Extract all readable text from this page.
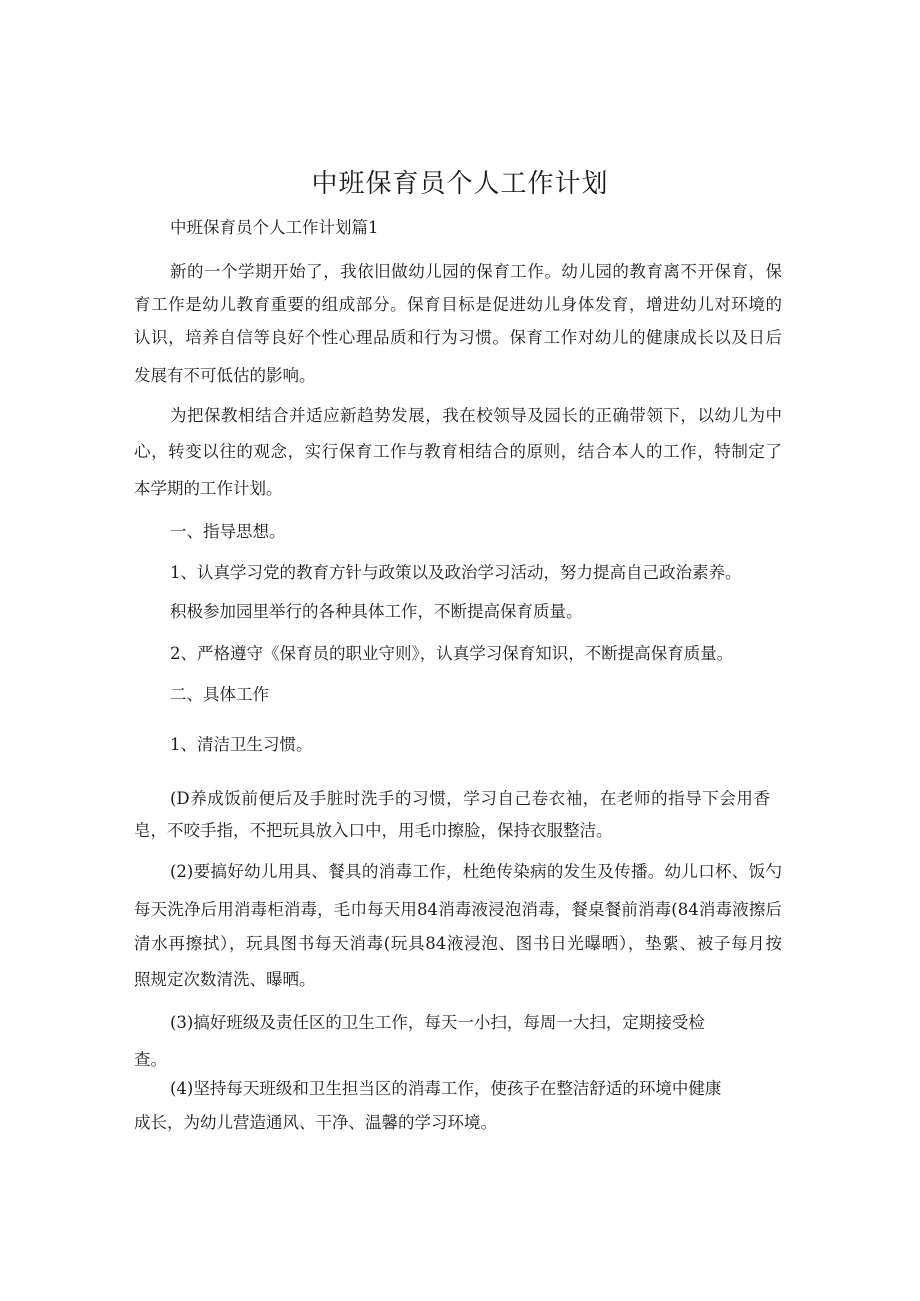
中班保育员个人工作计划
中班保育员个人工作计划篇1
新的一个学期开始了，我依旧做幼儿园的保育工作。幼儿园的教育离不开保育，保
育工作是幼儿教育重要的组成部分。保育目标是促进幼儿身体发育，增进幼儿对环境的
认识，培养自信等良好个性心理品质和行为习惯。保育工作对幼儿的健康成长以及日后
发展有不可低估的影响。
为把保教相结合并适应新趋势发展，我在校领导及园长的正确带领下，以幼儿为中
心，转变以往的观念，实行保育工作与教育相结合的原则，结合本人的工作，特制定了
本学期的工作计划。
一、指导思想。
1、认真学习党的教育方针与政策以及政治学习活动，努力提高自己政治素养。
积极参加园里举行的各种具体工作，不断提高保育质量。
2、严格遵守《保育员的职业守则》，认真学习保育知识，不断提高保育质量。
二、具体工作
1、清洁卫生习惯。
(D养成饭前便后及手脏时洗手的习惯，学习自己卷衣袖，在老师的指导下会用香
皂，不咬手指，不把玩具放入口中，用毛巾擦脸，保持衣服整洁。
(2)要搞好幼儿用具、餐具的消毒工作，杜绝传染病的发生及传播。幼儿口杯、饭勺
每天洗净后用消毒柜消毒，毛巾每天用84消毒液浸泡消毒，餐桌餐前消毒(84消毒液擦后
清水再擦拭），玩具图书每天消毒(玩具84液浸泡、图书日光曝晒），垫綤、被子每月按
照规定次数清洗、曝晒。
(3)搞好班级及责任区的卫生工作，每天一小扫，每周一大扫，定期接受检
查。
(4)坚持每天班级和卫生担当区的消毒工作，使孩子在整洁舒适的环境中健康
成长，为幼儿营造通风、干净、温馨的学习环境。
